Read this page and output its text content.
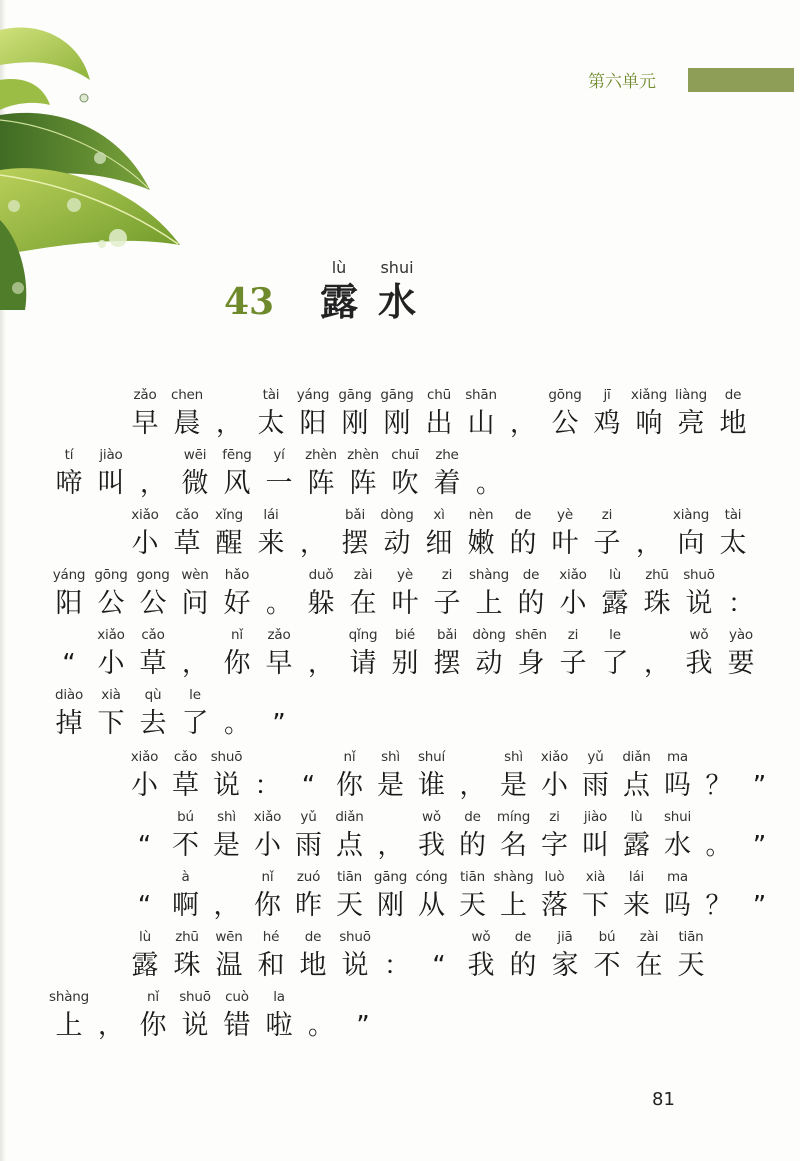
第六单元
43
lù	shui
露 水
zǎo
早
chen
晨 ，
tài
太
yáng
阳
gāng
刚
gāng
刚
chū
出
shān
山 ，
gōng
公
jī
鸡
xiǎng
响
liàng
亮
de
地
tí
啼
jiào
叫 ，
wēi
微
fēng
风
yí
一
zhèn
阵
zhèn
阵
chuī
吹
zhe
着 。
xiǎo
小
cǎo
草
xǐng
醒
lái
来 ，
bǎi
摆
dòng
动
xì
细
nèn
嫩
de
的
yè
叶
zi
子 ，
xiàng
向
tài
太
yáng
阳
gōng
公
gong
公
wèn
问
hǎo
好 。
duǒ
躲
zài
在
yè
叶
zi
子
shàng
上
de
的
xiǎo
小
lù
露
zhū
珠
shuō
说 ：
“
xiǎo
小
cǎo
草 ，
nǐ
你
zǎo
早 ，
qǐng
请
bié
别
bǎi
摆
dòng
动
shēn
身
zi
子
le
了 ，
wǒ
我
yào
要
diào
掉
xià
下
qù
去
le
了 。 ”
xiǎo
小
cǎo
草
shuō
说 ： “
nǐ
你
shì
是
shuí
谁 ，
shì
是
xiǎo
小
yǔ
雨
diǎn
点
ma
吗 ？ ”
“
bú
不
shì
是
xiǎo
小
yǔ
雨
diǎn
点 ，
wǒ
我
de
的
míng
名
zi
字
jiào
叫
lù
露
shui
水 。 ”
“
à
啊 ，
nǐ
你
zuó
昨
tiān
天
gāng
刚
cóng
从
tiān
天
shàng
上
luò
落
xià
下
lái
来
ma
吗 ？ ”
lù
露
zhū
珠
wēn
温
hé
和
de
地
shuō
说 ： “
wǒ
我
de
的
jiā
家
bú
不
zài
在
tiān
天
shàng
上 ，
nǐ
你
shuō
说
cuò
错
la
啦 。 ”
81
